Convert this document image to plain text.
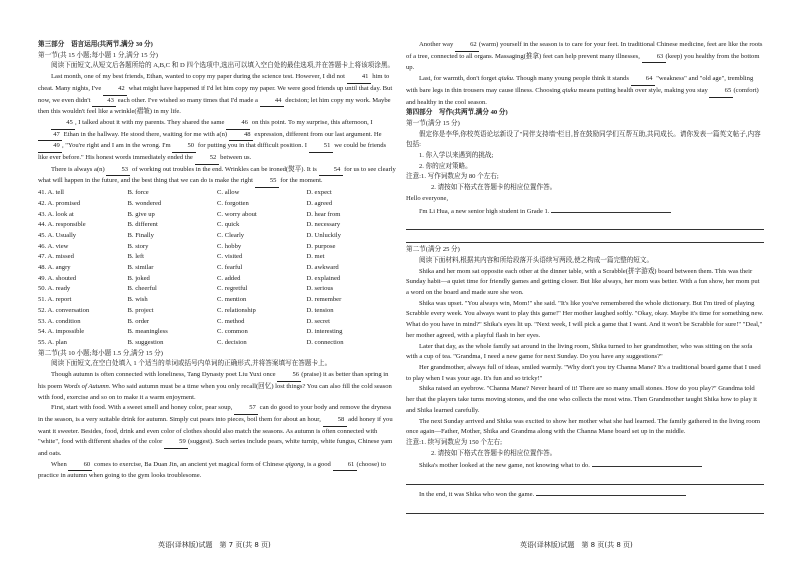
第三部分　语言运用(共两节,满分 30 分)

第一节(共 15 小题;每小题 1 分,满分 15 分)

阅读下面短文,从短文后各题所给的 A,B,C 和 D 四个选项中,选出可以填入空白处的最佳选项,并在答题卡上将该项涂黑。

Last month, one of my best friends, Ethan, wanted to copy my paper during the science test. However, I did not 41 him to cheat. Many nights, I've 42 what might have happened if I'd let him copy my paper. We were good friends up until that day. But now, we even didn't 43 each other. I've wished so many times that I'd made a 44 decision; let him copy my work. Maybe then this wouldn't feel like a wrinkle(褶皱) in my life.

45 , I talked about it with my parents. They shared the same 46 on this point. To my surprise, this afternoon, I 47 Ethan in the hallway. He stood there, waiting for me with a(n) 48 expression, different from our last argument. He 49 , "You're right and I am in the wrong. I'm 50 for putting you in that difficult position. I 51 we could be friends like ever before." His honest words immediately ended the 52 between us.

There is always a(n) 53 of working out troubles in the end. Wrinkles can be ironed(熨平). It is 54 for us to see clearly what will happen in the future, and the best thing that we can do is make the right 55 for the moment.

41. A. tell	B. force	C. allow	D. expect
42. A. promised	B. wondered	C. forgotten	D. agreed
43. A. look at	B. give up	C. worry about	D. hear from
44. A. responsible	B. different	C. quick	D. necessary
45. A. Usually	B. Finally	C. Clearly	D. Unluckily
46. A. view	B. story	C. hobby	D. purpose
47. A. missed	B. left	C. visited	D. met
48. A. angry	B. similar	C. fearful	D. awkward
49. A. shouted	B. joked	C. added	D. explained
50. A. ready	B. cheerful	C. regretful	D. serious
51. A. report	B. wish	C. mention	D. remember
52. A. conversation	B. project	C. relationship	D. tension
53. A. condition	B. order	C. method	D. secret
54. A. impossible	B. meaningless	C. common	D. interesting
55. A. plan	B. suggestion	C. decision	D. connection

第二节(共 10 小题;每小题 1.5 分,满分 15 分)

阅读下面短文,在空白处填入 1 个适当的单词或括号内单词的正确形式,并将答案填写在答题卡上。

Though autumn is often connected with loneliness, Tang Dynasty poet Liu Yuxi once 56 (praise) it as better than spring in his poem Words of Autumn. Who said autumn must be a time when you only recall(回忆) lost things? You can also fill the cold season with food, exercise and so on to make it a warm enjoyment.

First, start with food. With a sweet smell and honey color, pear soup, 57 can do good to your body and remove the dryness in the season, is a very suitable drink for autumn. Simply cut pears into pieces, boil them for about an hour, 58 add honey if you want it sweeter. Besides, food, drink and even color of clothes should also match the seasons. As autumn is often connected with "white", food with different shades of the color 59 (suggest). Such series include pears, white turnip, white fungus, Chinese yam and oats.

When 60 comes to exercise, Ba Duan Jin, an ancient yet magical form of Chinese qigong, is a good 61 (choose) to practice in autumn when going to the gym looks troublesome.

Another way 62 (warm) yourself in the season is to care for your feet. In traditional Chinese medicine, feet are like the roots of a tree, connected to all organs. Massaging(推拿) feet can help prevent many illnesses, 63 (keep) you healthy from the bottom up.

Last, for warmth, don't forget qiuku. Though many young people think it stands 64 "weakness" and "old age", trembling with bare legs in thin trousers may cause illness. Choosing qiuku means putting health over style, making you stay 65 (comfort) and healthy in the cool season.

第四部分　写作(共两节,满分 40 分)

第一节(满分 15 分)

假定你是李华,你校英语论坛新设了"同伴支持墙"栏目,旨在鼓励同学们互帮互助,共同成长。请你发表一篇英文帖子,内容包括:

1. 你入学以来遇到的挑战;

2. 你的应对策略。

注意:1. 写作词数应为 80 个左右;

2. 请按如下格式在答题卡的相应位置作答。

Hello everyone,

I'm Li Hua, a new senior high student in Grade 1.

第二节(满分 25 分)

阅读下面材料,根据其内容和所给段落开头语续写两段,使之构成一篇完整的短文。

Shika and her mom sat opposite each other at the dinner table, with a Scrabble(拼字游戏) board between them. This was their Sunday habit—a quiet time for friendly games and getting closer. But like always, her mom was better. With a fun show, her mom put a word on the board and made sure she won.

Shika was upset. "You always win, Mom!" she said. "It's like you've remembered the whole dictionary. But I'm tired of playing Scrabble every week. You always want to play this game!" Her mother laughed softly. "Okay, okay. Maybe it's time for something new. What do you have in mind?" Shika's eyes lit up. "Next week, I will pick a game that I want. And it won't be Scrabble for sure!" "Deal," her mother agreed, with a playful flash in her eyes.

Later that day, as the whole family sat around in the living room, Shika turned to her grandmother, who was sitting on the sofa with a cup of tea. "Grandma, I need a new game for next Sunday. Do you have any suggestions?"

Her grandmother, always full of ideas, smiled warmly. "Why don't you try Channa Mane? It's a traditional board game that I used to play when I was your age. It's fun and so tricky!"

Shika raised an eyebrow. "Channa Mane? Never heard of it! There are so many small stones. How do you play?" Grandma told her that the players take turns moving stones, and the one who collects the most wins. Then Grandmother taught Shika how to play it and Shika learned carefully.

The next Sunday arrived and Shika was excited to show her mother what she had learned. The family gathered in the living room once again—Father, Mother, Shika and Grandma along with the Channa Mane board set up in the middle.

注意:1. 续写词数应为 150 个左右;

2. 请按如下格式在答题卡的相应位置作答。

Shika's mother looked at the new game, not knowing what to do.

In the end, it was Shika who won the game.

英语(译林版)试题　第 7 页(共 8 页)	英语(译林版)试题　第 8 页(共 8 页)
